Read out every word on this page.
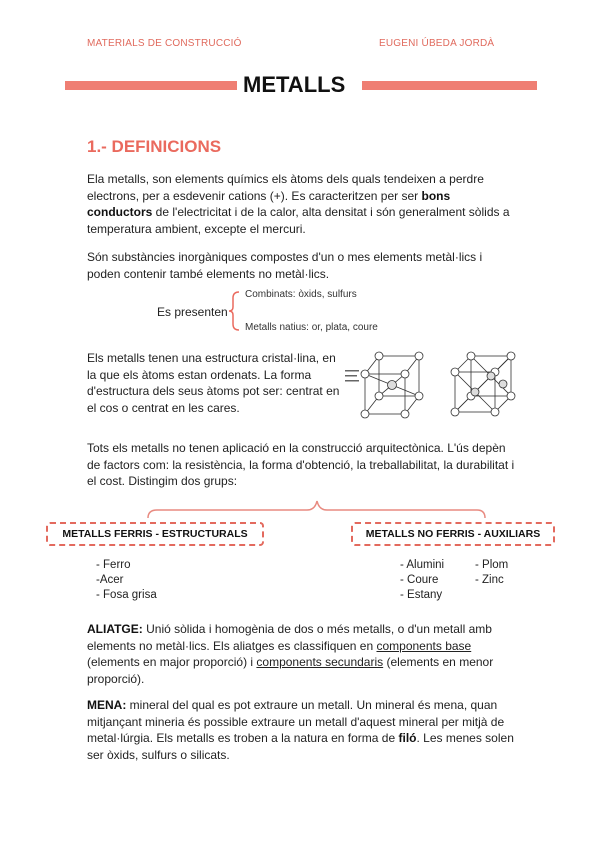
MATERIALS DE CONSTRUCCIÓ	EUGENI ÚBEDA JORDÀ
METALLS
1.- DEFINICIONS
Ela metalls, son elements químics els àtoms dels quals tendeixen a perdre electrons, per a esdevenir cations (+). Es caracteritzen per ser bons conductors de l'electricitat i de la calor, alta densitat i són generalment sòlids a temperatura ambient, excepte el mercuri.
Són substàncies inorgàniques compostes d'un o mes elements metàl·lics i poden contenir també elements no metàl·lics.
Es presenten
Combinats: òxids, sulfurs
Metalls natius: or, plata, coure
Els metalls tenen una estructura cristal·lina, en la que els àtoms estan ordenats. La forma d'estructura dels seus àtoms pot ser: centrat en el cos o centrat en les cares.
Tots els metalls no tenen aplicació en la construcció arquitectònica. L'ús depèn de factors com: la resistència, la forma d'obtenció, la treballabilitat, la durabilitat i el cost. Distingim dos grups:
METALLS FERRIS - ESTRUCTURALS	METALLS NO FERRIS - AUXILIARS
- Ferro
-Acer
- Fosa grisa
- Alumini
- Coure
- Estany
- Plom
- Zinc
ALIATGE: Unió sòlida i homogènia de dos o més metalls, o d'un metall amb elements no metàl·lics. Els aliatges es classifiquen en components base (elements en major proporció) i components secundaris (elements en menor proporció).
MENA: mineral del qual es pot extraure un metall. Un mineral és mena, quan mitjançant mineria és possible extraure un metall d'aquest mineral per mitjà de metal·lúrgia. Els metalls es troben a la natura en forma de filó. Les menes solen ser òxids, sulfurs o silicats.
